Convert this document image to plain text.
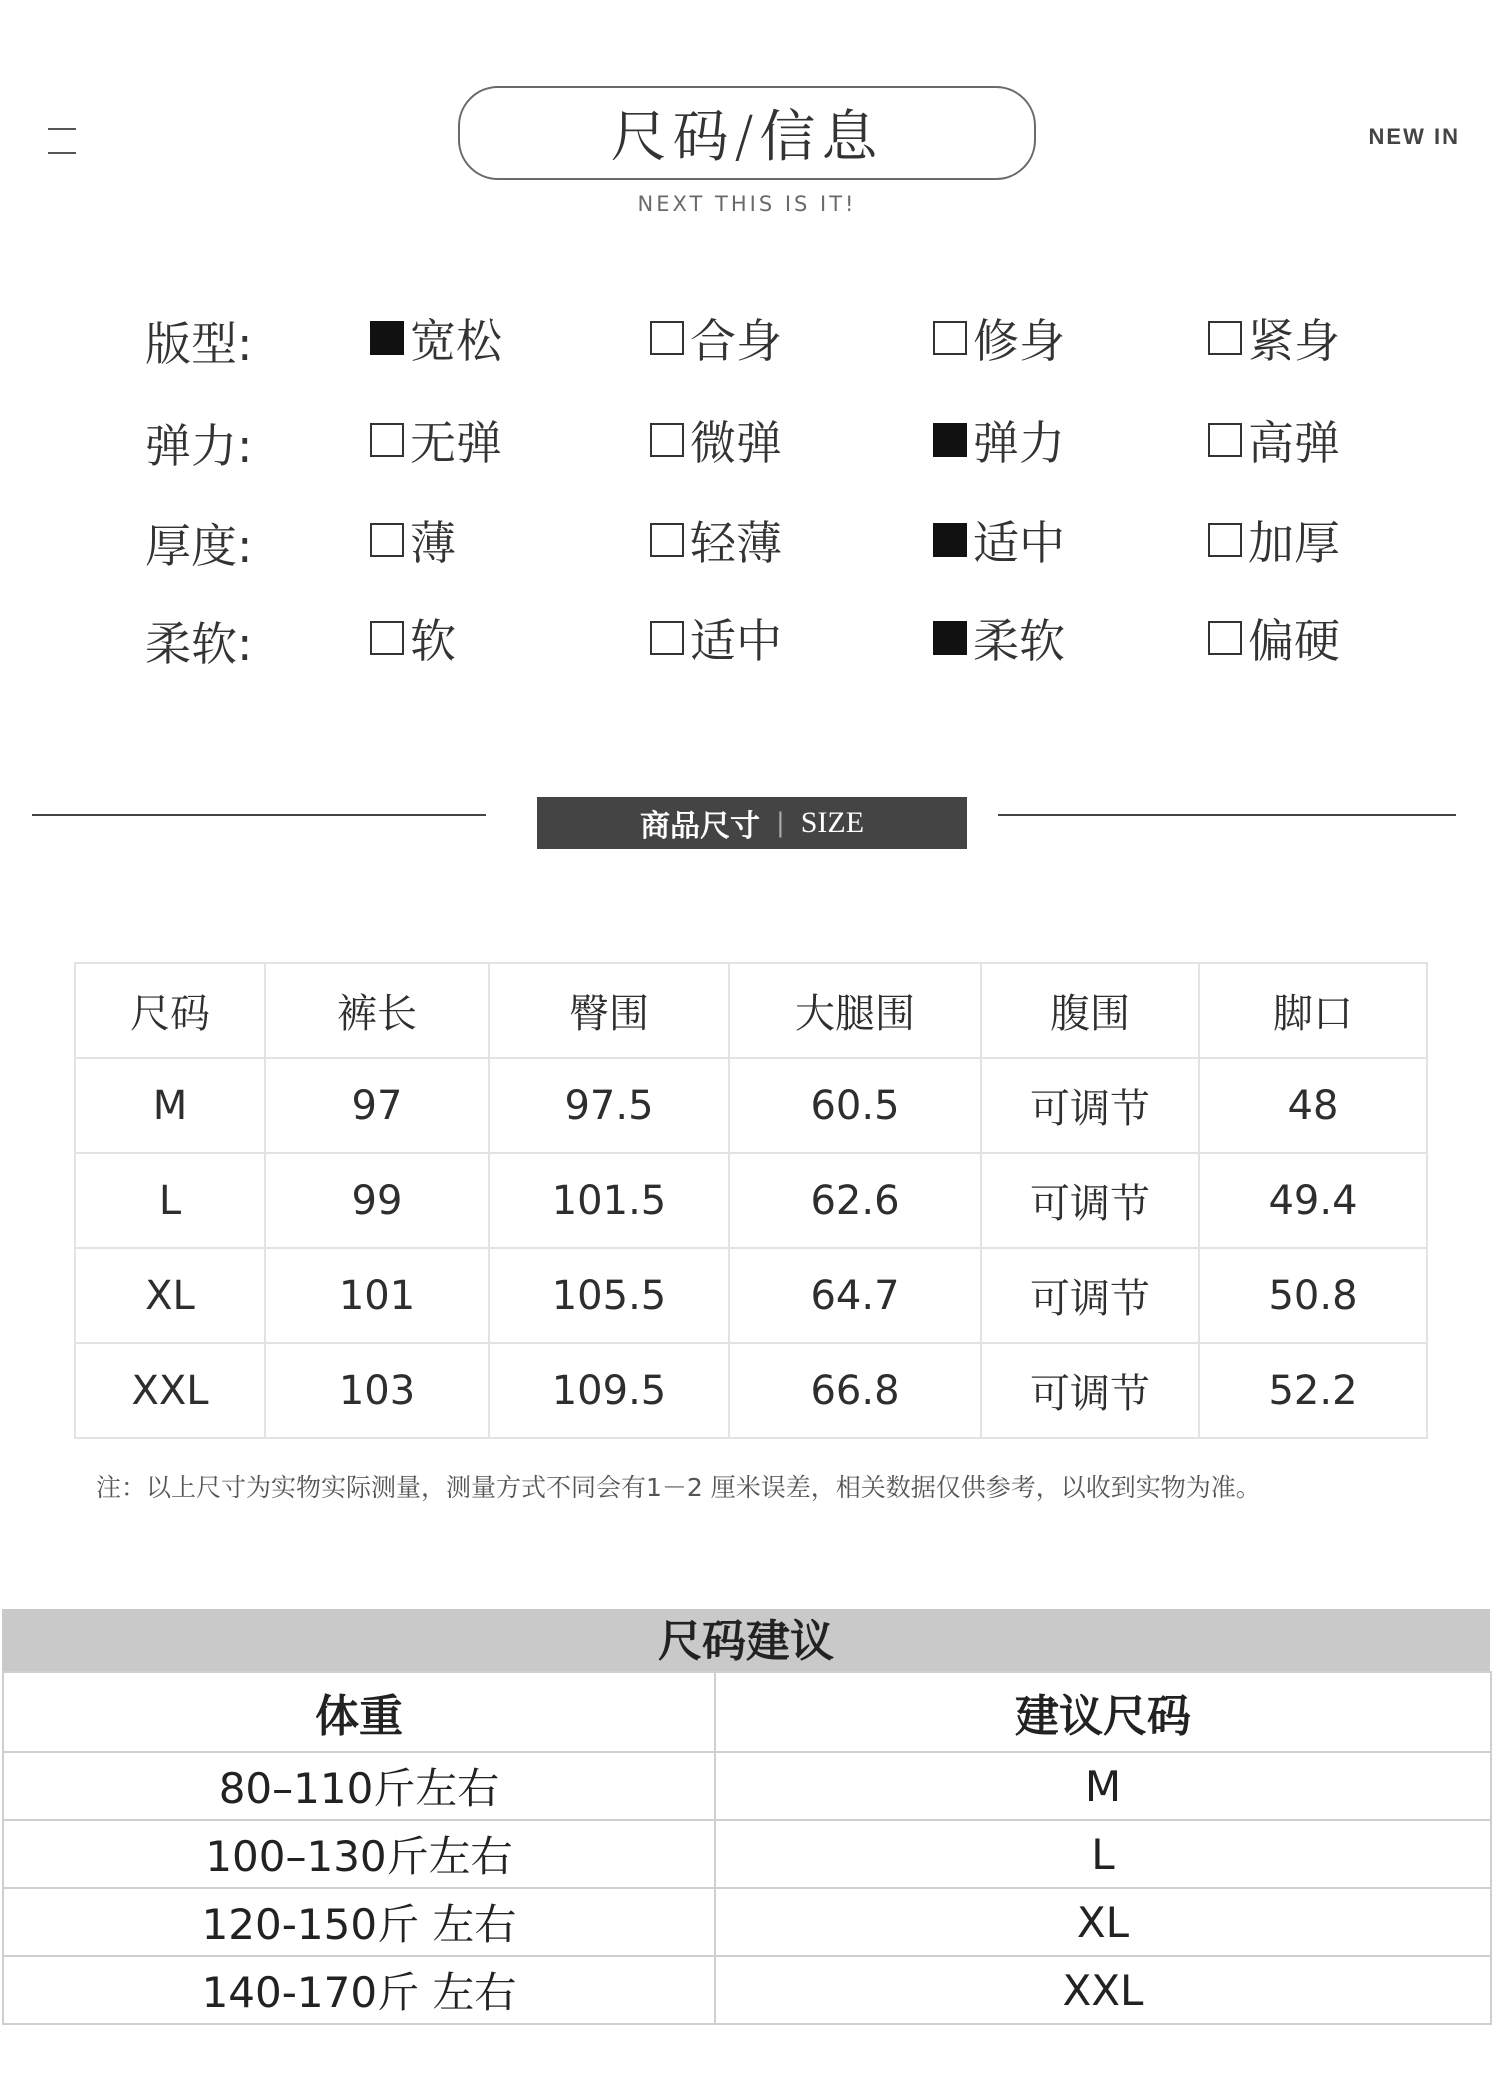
尺码/信息
NEXT THIS IS IT!
NEW IN
版型:	宽松	合身	修身	紧身
弹力:	无弹	微弹	弹力	高弹
厚度:	薄	轻薄	适中	加厚
柔软:	软	适中	柔软	偏硬
商品尺寸 | SIZE
尺码	裤长	臀围	大腿围	腹围	脚口
M	97	97.5	60.5	可调节	48
L	99	101.5	62.6	可调节	49.4
XL	101	105.5	64.7	可调节	50.8
XXL	103	109.5	66.8	可调节	52.2
注：以上尺寸为实物实际测量，测量方式不同会有1－2 厘米误差，相关数据仅供参考，以收到实物为准。
尺码建议
体重	建议尺码
80–110斤左右	M
100–130斤左右	L
120-150斤 左右	XL
140-170斤 左右	XXL
